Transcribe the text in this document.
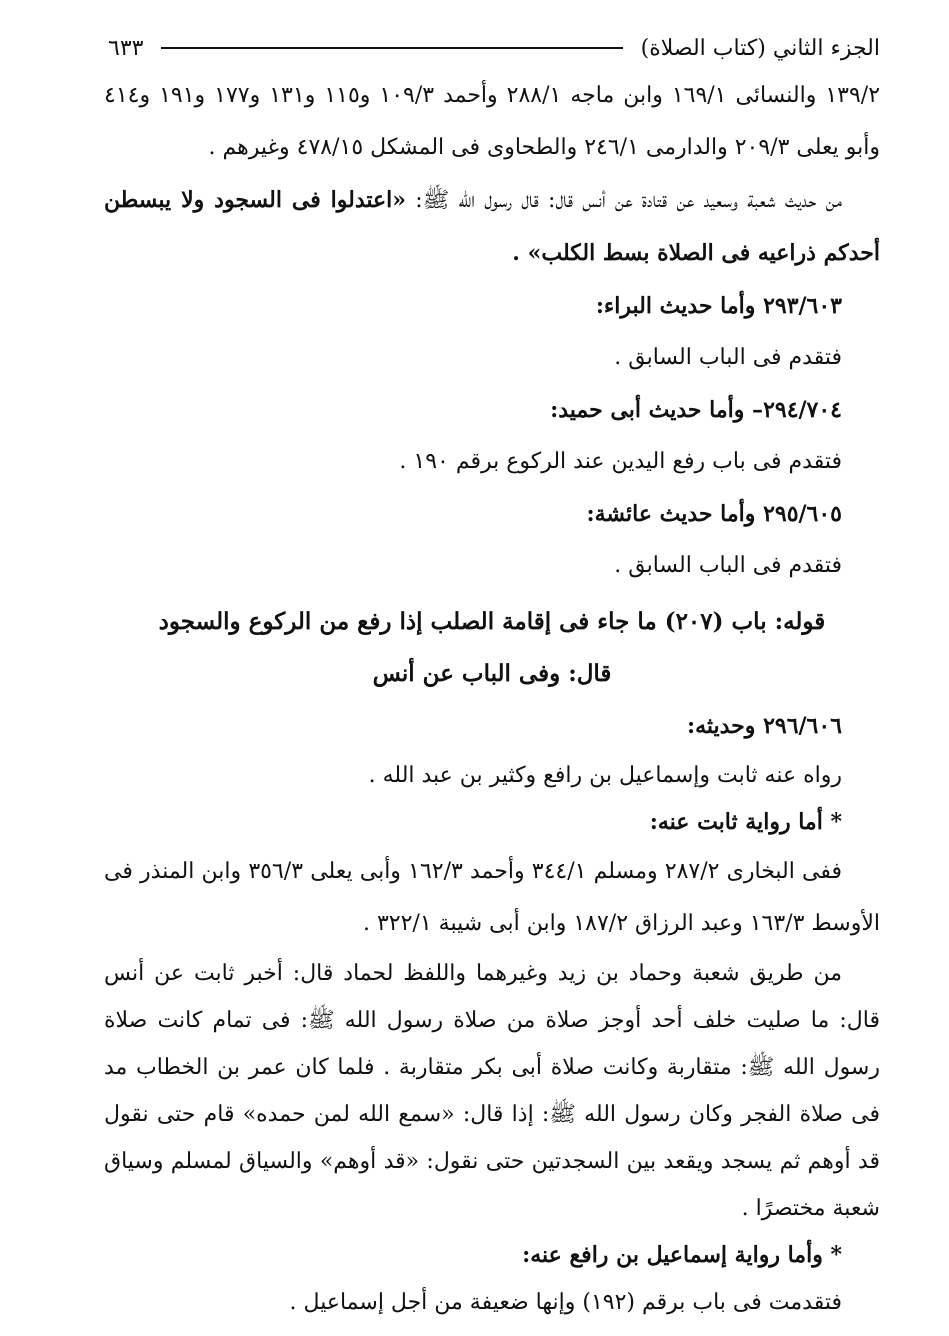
الجزء الثاني (كتاب الصلاة)
٦٣٣

١٣٩/٢ والنسائى ١٦٩/١ وابن ماجه ٢٨٨/١ وأحمد ١٠٩/٣ و١١٥ و١٣١ و١٧٧ و١٩١ و٤١٤ وأبو يعلى ٢٠٩/٣ والدارمى ٢٤٦/١ والطحاوى فى المشكل ٤٧٨/١٥ وغيرهم .

من حديث شعبة وسعيد عن قتادة عن أنس قال: قال رسول الله ﷺ: «اعتدلوا فى السجود ولا يبسطن أحدكم ذراعيه فى الصلاة بسط الكلب» .

٢٩٣/٦٠٣ وأما حديث البراء:

فتقدم فى الباب السابق .

٢٩٤/٧٠٤– وأما حديث أبى حميد:

فتقدم فى باب رفع اليدين عند الركوع برقم ١٩٠ .

٢٩٥/٦٠٥ وأما حديث عائشة:

فتقدم فى الباب السابق .

قوله: باب (٢٠٧) ما جاء فى إقامة الصلب إذا رفع من الركوع والسجود

قال: وفى الباب عن أنس

٢٩٦/٦٠٦ وحديثه:

رواه عنه ثابت وإسماعيل بن رافع وكثير بن عبد الله .

* أما رواية ثابت عنه:

ففى البخارى ٢٨٧/٢ ومسلم ٣٤٤/١ وأحمد ١٦٢/٣ وأبى يعلى ٣٥٦/٣ وابن المنذر فى الأوسط ١٦٣/٣ وعبد الرزاق ١٨٧/٢ وابن أبى شيبة ٣٢٢/١ .

من طريق شعبة وحماد بن زيد وغيرهما واللفظ لحماد قال: أخبر ثابت عن أنس قال: ما صليت خلف أحد أوجز صلاة من صلاة رسول الله ﷺ: فى تمام كانت صلاة رسول الله ﷺ: متقاربة وكانت صلاة أبى بكر متقاربة . فلما كان عمر بن الخطاب مد فى صلاة الفجر وكان رسول الله ﷺ: إذا قال: «سمع الله لمن حمده» قام حتى نقول قد أوهم ثم يسجد ويقعد بين السجدتين حتى نقول: «قد أوهم» والسياق لمسلم وسياق شعبة مختصرًا .

* وأما رواية إسماعيل بن رافع عنه:

فتقدمت فى باب برقم (١٩٢) وإنها ضعيفة من أجل إسماعيل .
